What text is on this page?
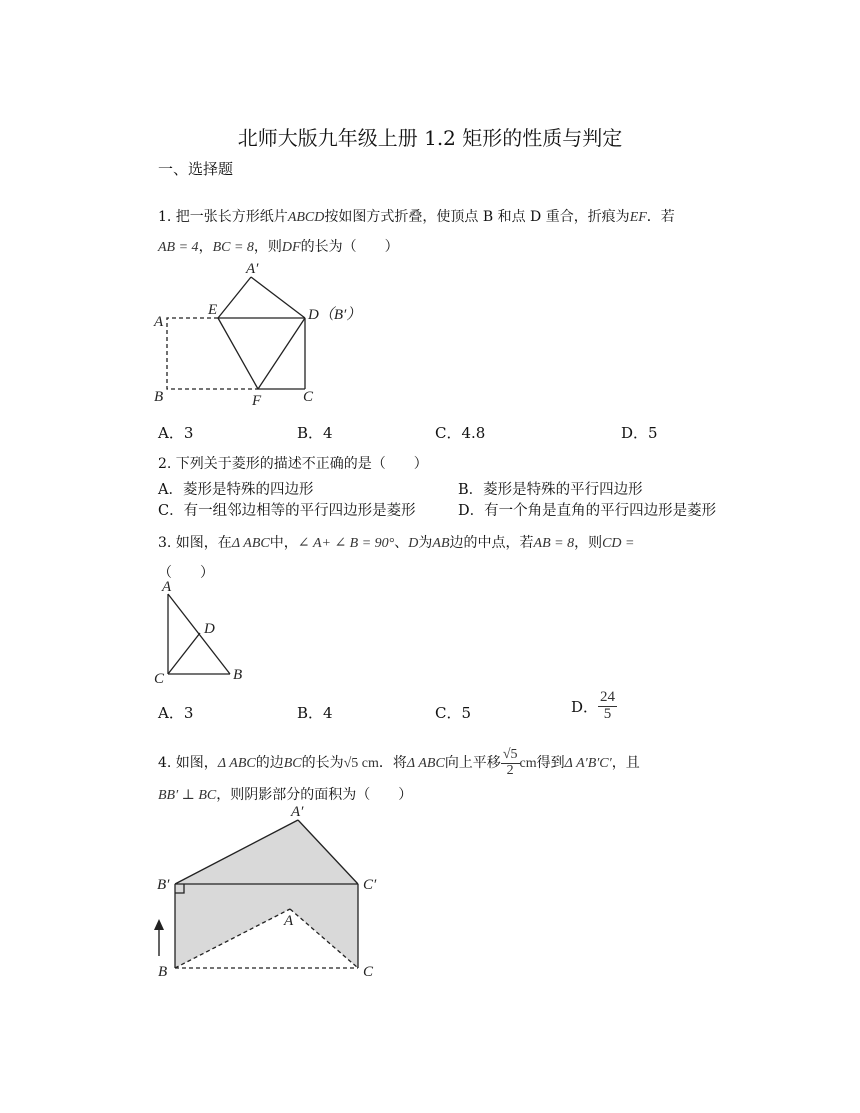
北师大版九年级上册 1.2 矩形的性质与判定
一、选择题
1. 把一张长方形纸片ABCD按如图方式折叠，使顶点 B 和点 D 重合，折痕为EF．若
AB = 4，BC = 8，则DF的长为（　　）
A′
E	D（B′）
A
B	F	C
A．3	B．4	C．4.8	D．5
2. 下列关于菱形的描述不正确的是（　　）
A．菱形是特殊的四边形	B．菱形是特殊的平行四边形
C．有一组邻边相等的平行四边形是菱形	D．有一个角是直角的平行四边形是菱形
3. 如图，在Δ ABC中，∠ A+ ∠ B = 90°、D为AB边的中点，若AB = 8，则CD =
（　　）
A
D
C	B
A．3	B．4	C．5	D． $\frac{24}{5}$
4. 如图，Δ ABC的边BC的长为√5 cm．将Δ ABC向上平移 $\frac{√5}{2}$ cm得到Δ A′B′C′，且
BB′ ⊥ BC，则阴影部分的面积为（　　）
A′
B′	C′
A
B	C
